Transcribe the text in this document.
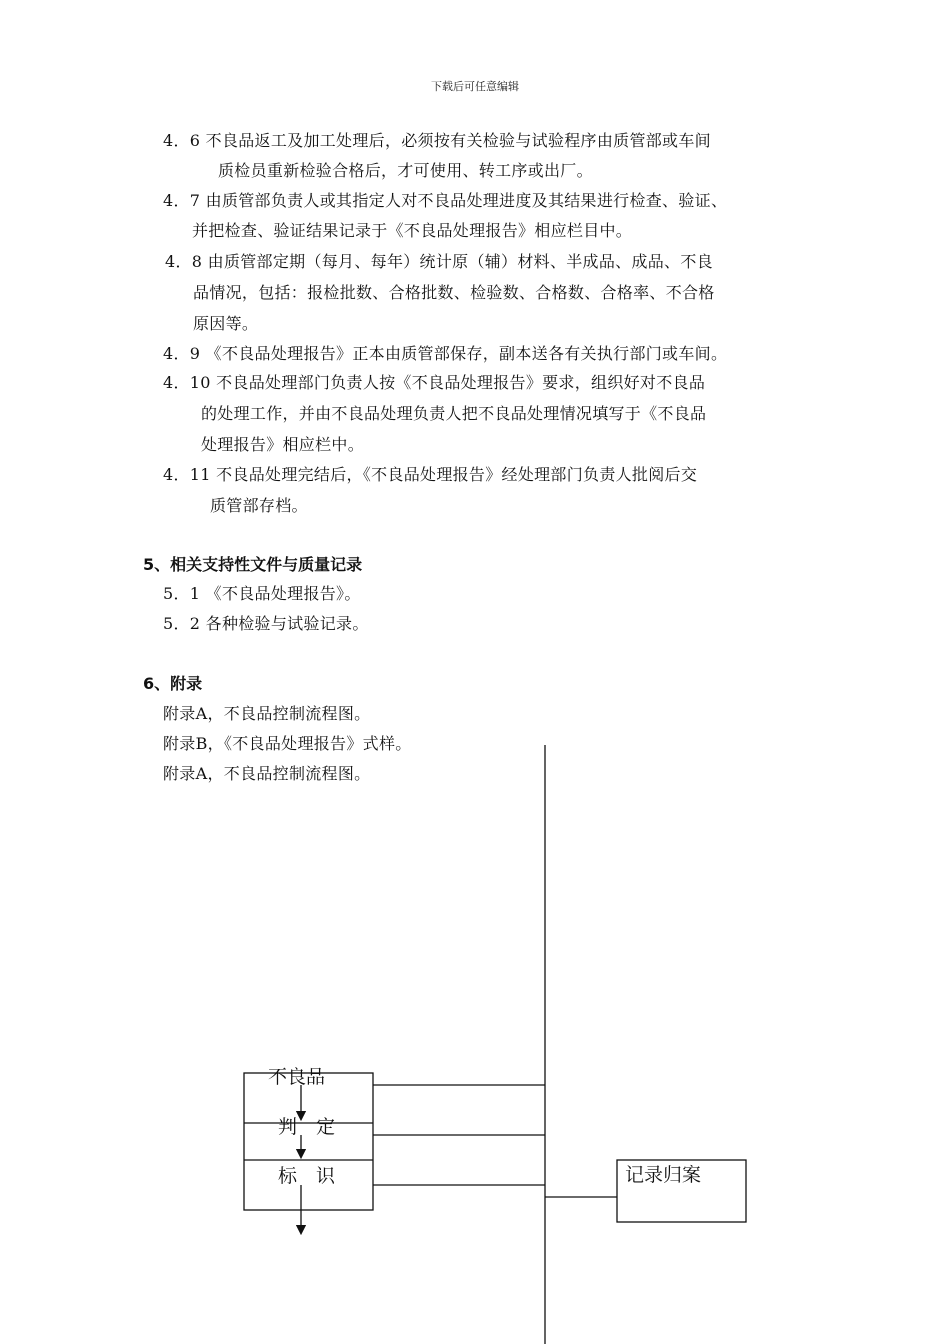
下载后可任意编辑
4．6 不良品返工及加工处理后，必须按有关检验与试验程序由质管部或车间
质检员重新检验合格后，才可使用、转工序或出厂。
4．7 由质管部负责人或其指定人对不良品处理进度及其结果进行检查、验证、
并把检查、验证结果记录于《不良品处理报告》相应栏目中。
4．8 由质管部定期（每月、每年）统计原（辅）材料、半成品、成品、不良
品情况，包括：报检批数、合格批数、检验数、合格数、合格率、不合格
原因等。
4．9 《不良品处理报告》正本由质管部保存，副本送各有关执行部门或车间。
4．10 不良品处理部门负责人按《不良品处理报告》要求，组织好对不良品
的处理工作，并由不良品处理负责人把不良品处理情况填写于《不良品
处理报告》相应栏中。
4．11 不良品处理完结后，《不良品处理报告》经处理部门负责人批阅后交
质管部存档。
5、相关支持性文件与质量记录
5．1 《不良品处理报告》。
5．2 各种检验与试验记录。
6、附录
附录A，不良品控制流程图。
附录B，《不良品处理报告》式样。
附录A，不良品控制流程图。
不良品
判　定
标　识	记录归案
